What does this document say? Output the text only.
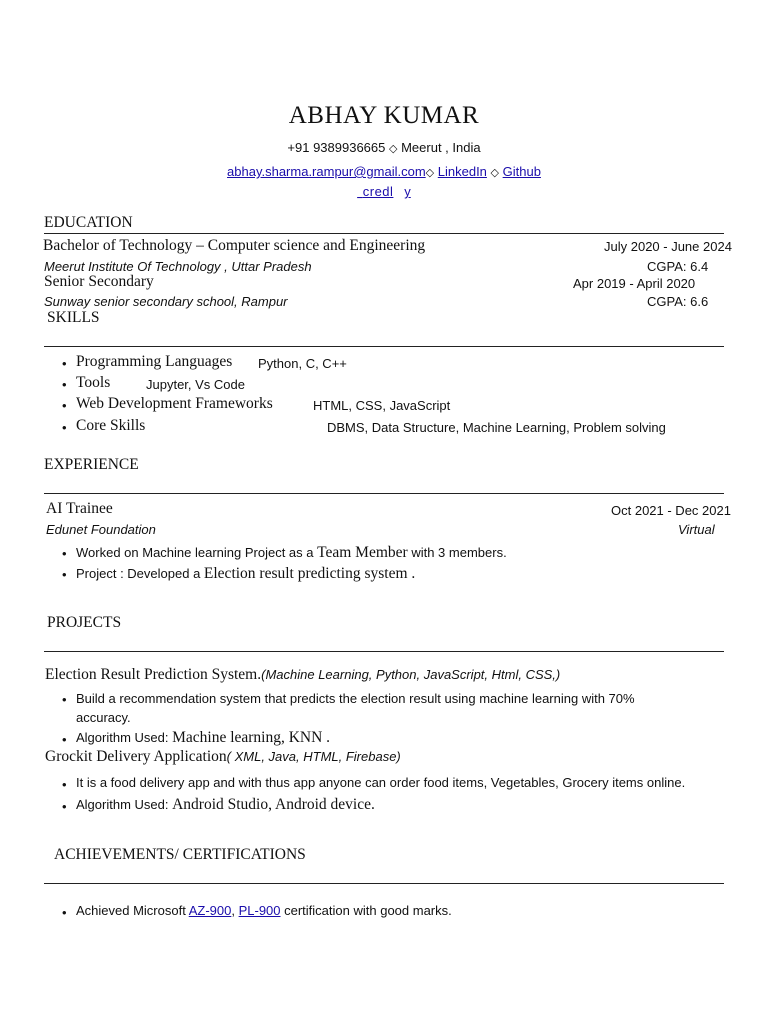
ABHAY KUMAR
+91 9389936665 ◇ Meerut , India
abhay.sharma.rampur@gmail.com◇ LinkedIn ◇ Github
_credl y
EDUCATION
Bachelor of Technology – Computer science and Engineering	July 2020 - June 2024
Meerut Institute Of Technology , Uttar Pradesh	CGPA: 6.4
Senior Secondary	Apr 2019 - April 2020
Sunway senior secondary school, Rampur	CGPA: 6.6
SKILLS
• Programming Languages Python, C, C++
• Tools	Jupyter, Vs Code
• Web Development Frameworks	HTML, CSS, JavaScript
• Core Skills	DBMS, Data Structure, Machine Learning, Problem solving
EXPERIENCE
AI Trainee	Oct 2021 - Dec 2021
Edunet Foundation	Virtual
• Worked on Machine learning Project as a Team Member with 3 members.
• Project : Developed a Election result predicting system .
PROJECTS
Election Result Prediction System.(Machine Learning, Python, JavaScript, Html, CSS,)
• Build a recommendation system that predicts the election result using machine learning with 70%
accuracy.
• Algorithm Used: Machine learning, KNN .
Grockit Delivery Application( XML, Java, HTML, Firebase)
• It is a food delivery app and with thus app anyone can order food items, Vegetables, Grocery items online.
• Algorithm Used: Android Studio, Android device.
ACHIEVEMENTS/ CERTIFICATIONS
• Achieved Microsoft AZ-900, PL-900 certification with good marks.
